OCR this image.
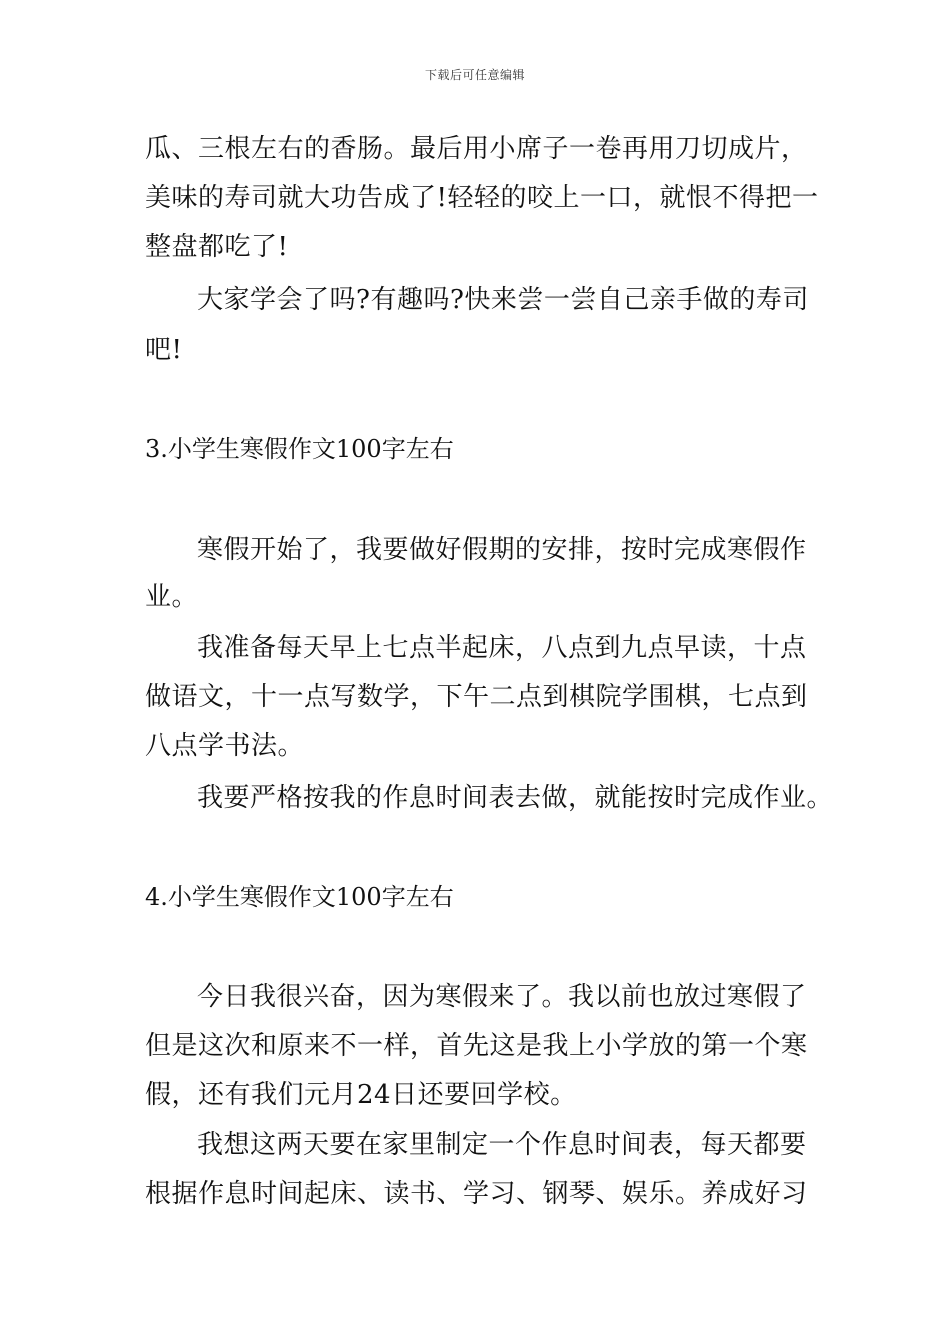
下载后可任意编辑
瓜、三根左右的香肠。最后用小席子一卷再用刀切成片，
美味的寿司就大功告成了!轻轻的咬上一口，就恨不得把一
整盘都吃了!
大家学会了吗?有趣吗?快来尝一尝自己亲手做的寿司
吧!
3.小学生寒假作文100字左右
寒假开始了，我要做好假期的安排，按时完成寒假作
业。
我准备每天早上七点半起床，八点到九点早读，十点
做语文，十一点写数学，下午二点到棋院学围棋，七点到
八点学书法。
我要严格按我的作息时间表去做，就能按时完成作业。
4.小学生寒假作文100字左右
今日我很兴奋，因为寒假来了。我以前也放过寒假了
但是这次和原来不一样，首先这是我上小学放的第一个寒
假，还有我们元月24日还要回学校。
我想这两天要在家里制定一个作息时间表，每天都要
根据作息时间起床、读书、学习、钢琴、娱乐。养成好习
